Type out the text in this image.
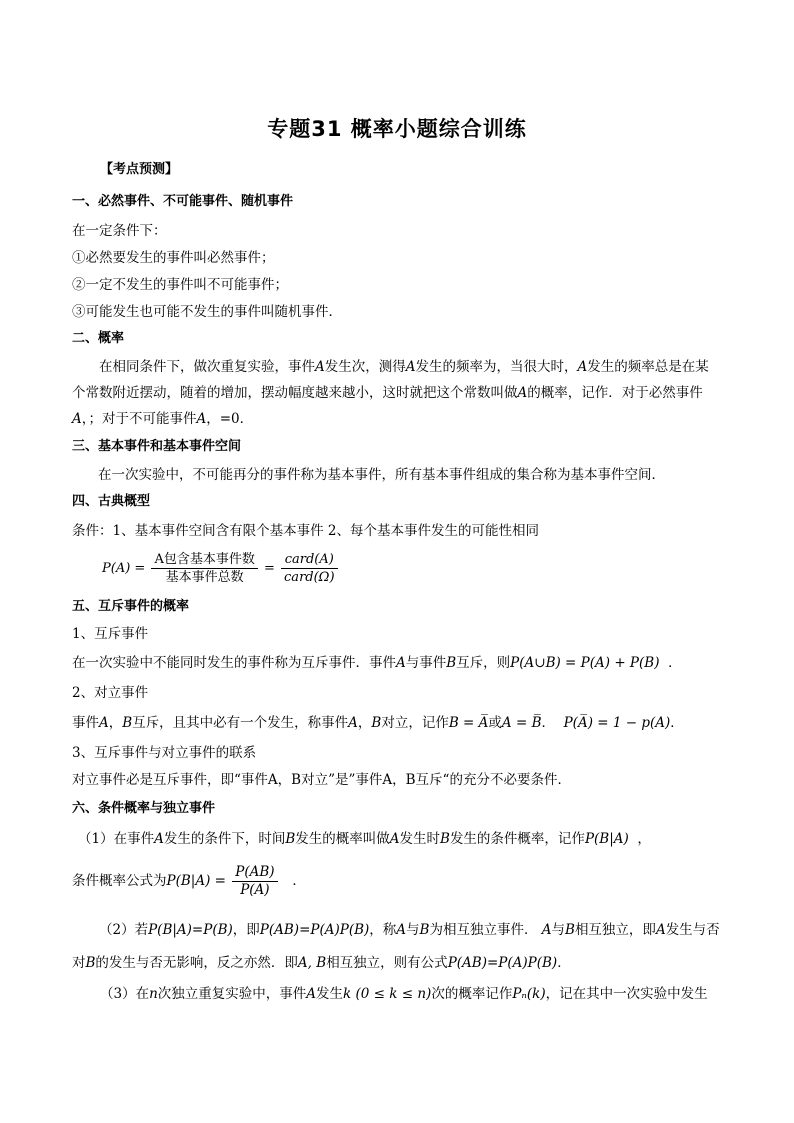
专题31 概率小题综合训练
【考点预测】
一、必然事件、不可能事件、随机事件
在一定条件下：
①必然要发生的事件叫必然事件；
②一定不发生的事件叫不可能事件；
③可能发生也可能不发生的事件叫随机事件．
二、概率
在相同条件下，做次重复实验，事件A发生次，测得A发生的频率为，当很大时，A发生的频率总是在某个常数附近摆动，随着的增加，摆动幅度越来越小，这时就把这个常数叫做A的概率，记作．对于必然事件A，；对于不可能事件A，=0．
三、基本事件和基本事件空间
在一次实验中，不可能再分的事件称为基本事件，所有基本事件组成的集合称为基本事件空间．
四、古典概型
条件：1、基本事件空间含有限个基本事件 2、每个基本事件发生的可能性相同
$P(A) = \frac{\text{A包含基本事件数}}{\text{基本事件总数}} = \frac{\text{card(A)}}{\text{card(Ω)}}$
五、互斥事件的概率
1、互斥事件
在一次实验中不能同时发生的事件称为互斥事件．事件A与事件B互斥，则P(A∪B) = P(A) + P(B) ．
2、对立事件
事件A，B互斥，且其中必有一个发生，称事件A，B对立，记作B = A̅或A = B̅． P(A̅) = 1 − p(A)．
3、互斥事件与对立事件的联系
对立事件必是互斥事件，即“事件A，B对立”是”事件A，B互斥“的充分不必要条件．
六、条件概率与独立事件
（1）在事件A发生的条件下，时间B发生的概率叫做A发生时B发生的条件概率，记作P(B|A) ，
条件概率公式为$P(B|A) = \frac{P(AB)}{P(A)}$ ．
（2）若P(B|A)=P(B)，即P(AB)=P(A)P(B)，称A与B为相互独立事件． A与B相互独立，即A发生与否对B的发生与否无影响，反之亦然．即A, B相互独立，则有公式P(AB)=P(A)P(B)．
（3）在n次独立重复实验中，事件A发生k (0 ≤ k ≤ n)次的概率记作Pₙ(k)，记在其中一次实验中发生
